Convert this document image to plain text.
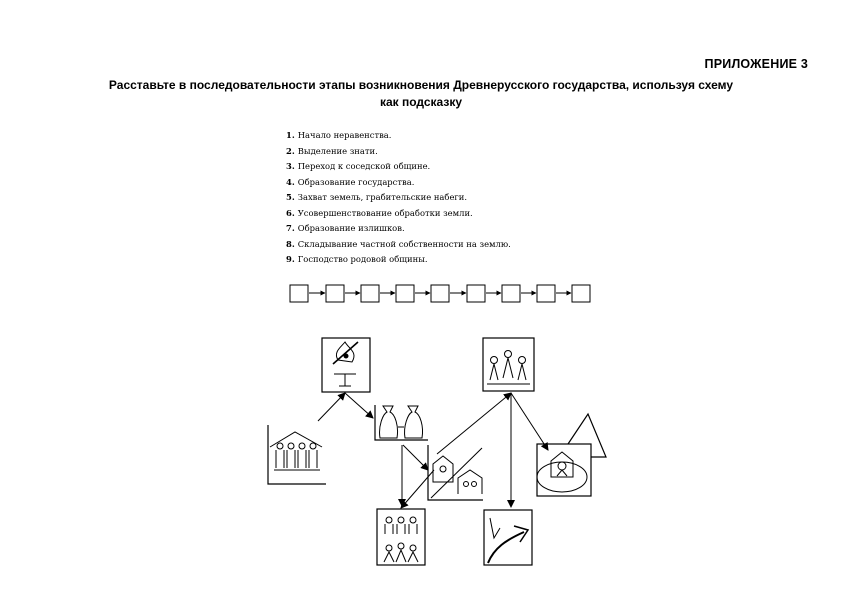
ПРИЛОЖЕНИЕ 3
Расставьте в последовательности этапы возникновения Древнерусского государства, используя схему
как подсказку
1. Начало неравенства.
2. Выделение знати.
3. Переход к соседской общине.
4. Образование государства.
5. Захват земель, грабительские набеги.
6. Усовершенствование обработки земли.
7. Образование излишков.
8. Складывание частной собственности на землю.
9. Господство родовой общины.
